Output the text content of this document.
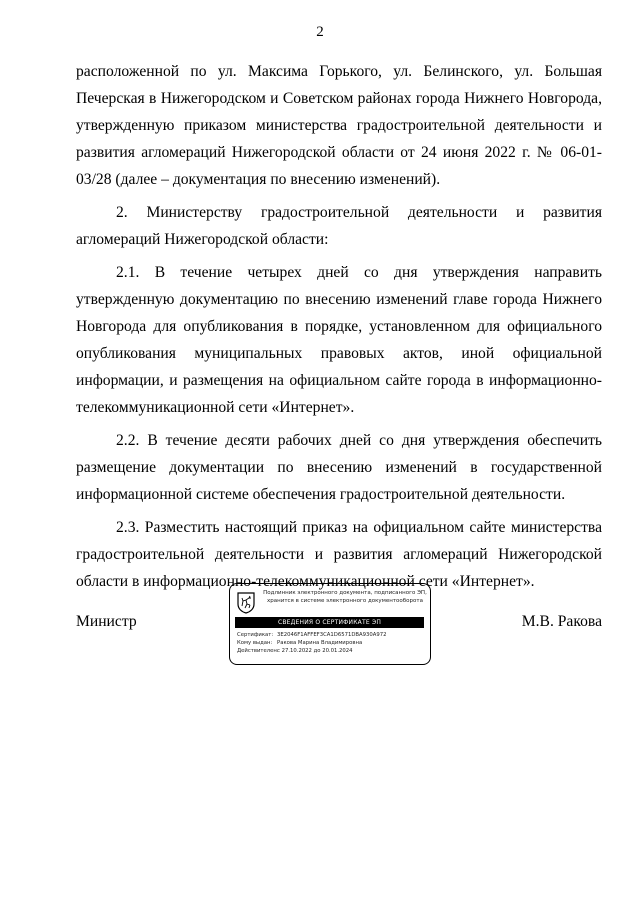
2

расположенной по ул. Максима Горького, ул. Белинского, ул. Большая Печерская в Нижегородском и Советском районах города Нижнего Новгорода, утвержденную приказом министерства градостроительной деятельности и развития агломераций Нижегородской области от 24 июня 2022 г. № 06-01-03/28 (далее – документация по внесению изменений).

2. Министерству градостроительной деятельности и развития агломераций Нижегородской области:

2.1. В течение четырех дней со дня утверждения направить утвержденную документацию по внесению изменений главе города Нижнего Новгорода для опубликования в порядке, установленном для официального опубликования муниципальных правовых актов, иной официальной информации, и размещения на официальном сайте города в информационно-телекоммуникационной сети «Интернет».

2.2. В течение десяти рабочих дней со дня утверждения обеспечить размещение документации по внесению изменений в государственной информационной системе обеспечения градостроительной деятельности.

2.3. Разместить настоящий приказ на официальном сайте министерства градостроительной деятельности и развития агломераций Нижегородской области в информационно-телекоммуникационной сети «Интернет».

Министр	М.В. Ракова
Подлинник электронного документа, подписанного ЭП,
хранится в системе электронного документооборота
СВЕДЕНИЯ О СЕРТИФИКАТЕ ЭП
Сертификат: 3E2046F1AFFEF3CA1D6571DBA930A972
Кому выдан: Ракова Марина Владимировна
Действителен:с 27.10.2022 до 20.01.2024
